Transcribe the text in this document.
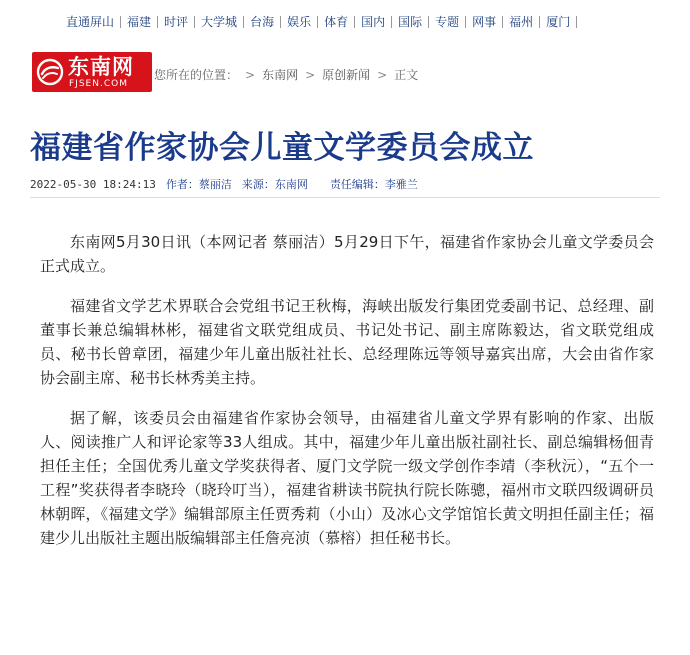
直通屏山	福建	时评	大学城	台海	娱乐	体育	国内	国际	专题	网事	福州	厦门
东南网
FJSEN.COM
您所在的位置： > 东南网 > 原创新闻 > 正文
福建省作家协会儿童文学委员会成立
2022-05-30 18:24:13 作者： 蔡丽洁 来源： 东南网 责任编辑： 李雅兰

东南网5月30日讯（本网记者 蔡丽洁）5月29日下午，福建省作家协会儿童文学委员会正式成立。

福建省文学艺术界联合会党组书记王秋梅，海峡出版发行集团党委副书记、总经理、副董事长兼总编辑林彬，福建省文联党组成员、书记处书记、副主席陈毅达，省文联党组成员、秘书长曾章团，福建少年儿童出版社社长、总经理陈远等领导嘉宾出席，大会由省作家协会副主席、秘书长林秀美主持。

据了解，该委员会由福建省作家协会领导，由福建省儿童文学界有影响的作家、出版人、阅读推广人和评论家等33人组成。其中，福建少年儿童出版社副社长、副总编辑杨佃青担任主任；全国优秀儿童文学奖获得者、厦门文学院一级文学创作李靖（李秋沅），“五个一工程”奖获得者李晓玲（晓玲叮当），福建省耕读书院执行院长陈骢，福州市文联四级调研员林朝晖，《福建文学》编辑部原主任贾秀莉（小山）及冰心文学馆馆长黄文明担任副主任；福建少儿出版社主题出版编辑部主任詹亮浈（慕榕）担任秘书长。
